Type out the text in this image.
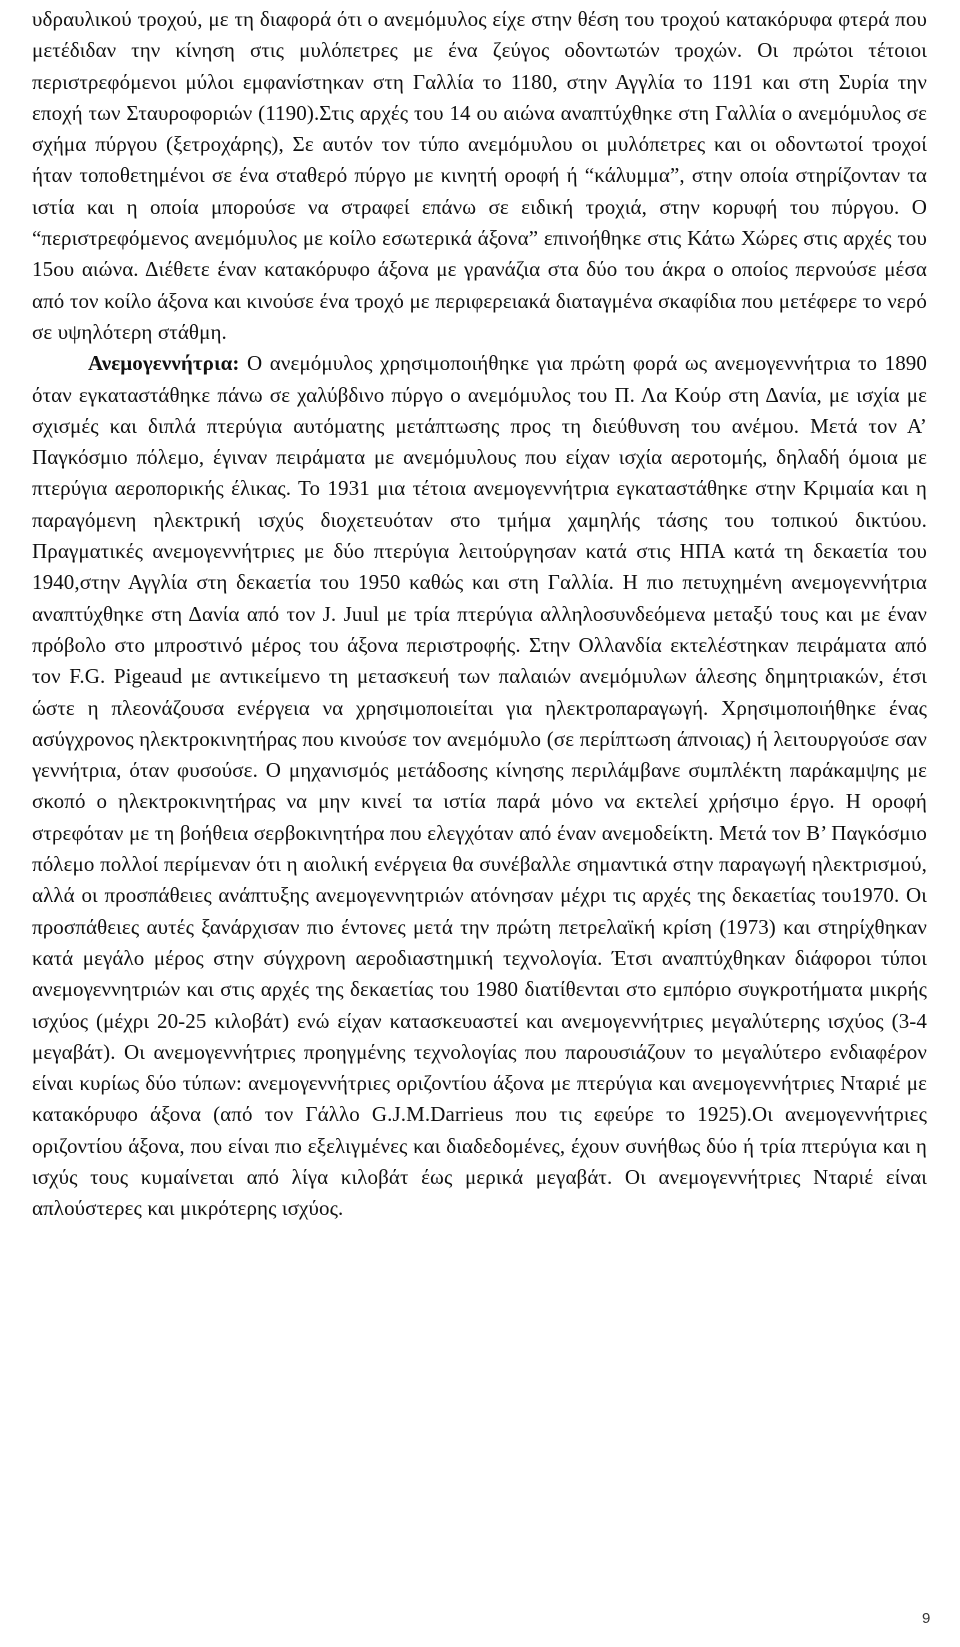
υδραυλικού τροχού, με τη διαφορά ότι ο ανεμόμυλος είχε στην θέση του τροχού κατακόρυφα φτερά που μετέδιδαν την κίνηση στις μυλόπετρες με ένα ζεύγος οδοντωτών τροχών. Οι πρώτοι τέτοιοι περιστρεφόμενοι μύλοι εμφανίστηκαν στη Γαλλία το 1180, στην Αγγλία το 1191 και στη Συρία την εποχή των Σταυροφοριών (1190).Στις αρχές του 14 ου αιώνα αναπτύχθηκε στη Γαλλία ο ανεμόμυλος σε σχήμα πύργου (ξετροχάρης), Σε αυτόν τον τύπο ανεμόμυλου οι μυλόπετρες και οι οδοντωτοί τροχοί ήταν τοποθετημένοι σε ένα σταθερό πύργο με κινητή οροφή ή “κάλυμμα”, στην οποία στηρίζονταν τα ιστία και η οποία μπορούσε να στραφεί επάνω σε ειδική τροχιά, στην κορυφή του πύργου. Ο “περιστρεφόμενος ανεμόμυλος με κοίλο εσωτερικά άξονα” επινοήθηκε στις Κάτω Χώρες στις αρχές του 15ου αιώνα. Διέθετε έναν κατακόρυφο άξονα με γρανάζια στα δύο του άκρα ο οποίος περνούσε μέσα από τον κοίλο άξονα και κινούσε ένα τροχό με περιφερειακά διαταγμένα σκαφίδια που μετέφερε το νερό σε υψηλότερη στάθμη.

Ανεμογεννήτρια: Ο ανεμόμυλος χρησιμοποιήθηκε για πρώτη φορά ως ανεμογεννήτρια το 1890 όταν εγκαταστάθηκε πάνω σε χαλύβδινο πύργο ο ανεμόμυλος του Π. Λα Κούρ στη Δανία, με ισχία με σχισμές και διπλά πτερύγια αυτόματης μετάπτωσης προς τη διεύθυνση του ανέμου. Μετά τον Α’ Παγκόσμιο πόλεμο, έγιναν πειράματα με ανεμόμυλους που είχαν ισχία αεροτομής, δηλαδή όμοια με πτερύγια αεροπορικής έλικας. Το 1931 μια τέτοια ανεμογεννήτρια εγκαταστάθηκε στην Κριμαία και η παραγόμενη ηλεκτρική ισχύς διοχετευόταν στο τμήμα χαμηλής τάσης του τοπικού δικτύου. Πραγματικές ανεμογεννήτριες με δύο πτερύγια λειτούργησαν κατά στις ΗΠΑ κατά τη δεκαετία του 1940,στην Αγγλία στη δεκαετία του 1950 καθώς και στη Γαλλία. Η πιο πετυχημένη ανεμογεννήτρια αναπτύχθηκε στη Δανία από τον J. Juul με τρία πτερύγια αλληλοσυνδεόμενα μεταξύ τους και με έναν πρόβολο στο μπροστινό μέρος του άξονα περιστροφής. Στην Ολλανδία εκτελέστηκαν πειράματα από τον F.G. Pigeaud με αντικείμενο τη μετασκευή των παλαιών ανεμόμυλων άλεσης δημητριακών, έτσι ώστε η πλεονάζουσα ενέργεια να χρησιμοποιείται για ηλεκτροπαραγωγή. Χρησιμοποιήθηκε ένας ασύγχρονος ηλεκτροκινητήρας που κινούσε τον ανεμόμυλο (σε περίπτωση άπνοιας) ή λειτουργούσε σαν γεννήτρια, όταν φυσούσε. Ο μηχανισμός μετάδοσης κίνησης περιλάμβανε συμπλέκτη παράκαμψης με σκοπό ο ηλεκτροκινητήρας να μην κινεί τα ιστία παρά μόνο να εκτελεί χρήσιμο έργο. Η οροφή στρεφόταν με τη βοήθεια σερβοκινητήρα που ελεγχόταν από έναν ανεμοδείκτη. Μετά τον Β’ Παγκόσμιο πόλεμο πολλοί περίμεναν ότι η αιολική ενέργεια θα συνέβαλλε σημαντικά στην παραγωγή ηλεκτρισμού, αλλά οι προσπάθειες ανάπτυξης ανεμογεννητριών ατόνησαν μέχρι τις αρχές της δεκαετίας του1970. Οι προσπάθειες αυτές ξανάρχισαν πιο έντονες μετά την πρώτη πετρελαϊκή κρίση (1973) και στηρίχθηκαν κατά μεγάλο μέρος στην σύγχρονη αεροδιαστημική τεχνολογία. Έτσι αναπτύχθηκαν διάφοροι τύποι ανεμογεννητριών και στις αρχές της δεκαετίας του 1980 διατίθενται στο εμπόριο συγκροτήματα μικρής ισχύος (μέχρι 20-25 κιλοβάτ) ενώ είχαν κατασκευαστεί και ανεμογεννήτριες μεγαλύτερης ισχύος (3-4 μεγαβάτ). Οι ανεμογεννήτριες προηγμένης τεχνολογίας που παρουσιάζουν το μεγαλύτερο ενδιαφέρον είναι κυρίως δύο τύπων: ανεμογεννήτριες οριζοντίου άξονα με πτερύγια και ανεμογεννήτριες Νταριέ με κατακόρυφο άξονα (από τον Γάλλο G.J.M.Darrieus που τις εφεύρε το 1925).Οι ανεμογεννήτριες οριζοντίου άξονα, που είναι πιο εξελιγμένες και διαδεδομένες, έχουν συνήθως δύο ή τρία πτερύγια και η ισχύς τους κυμαίνεται από λίγα κιλοβάτ έως μερικά μεγαβάτ. Οι ανεμογεννήτριες Νταριέ είναι απλούστερες και μικρότερης ισχύος.

9
